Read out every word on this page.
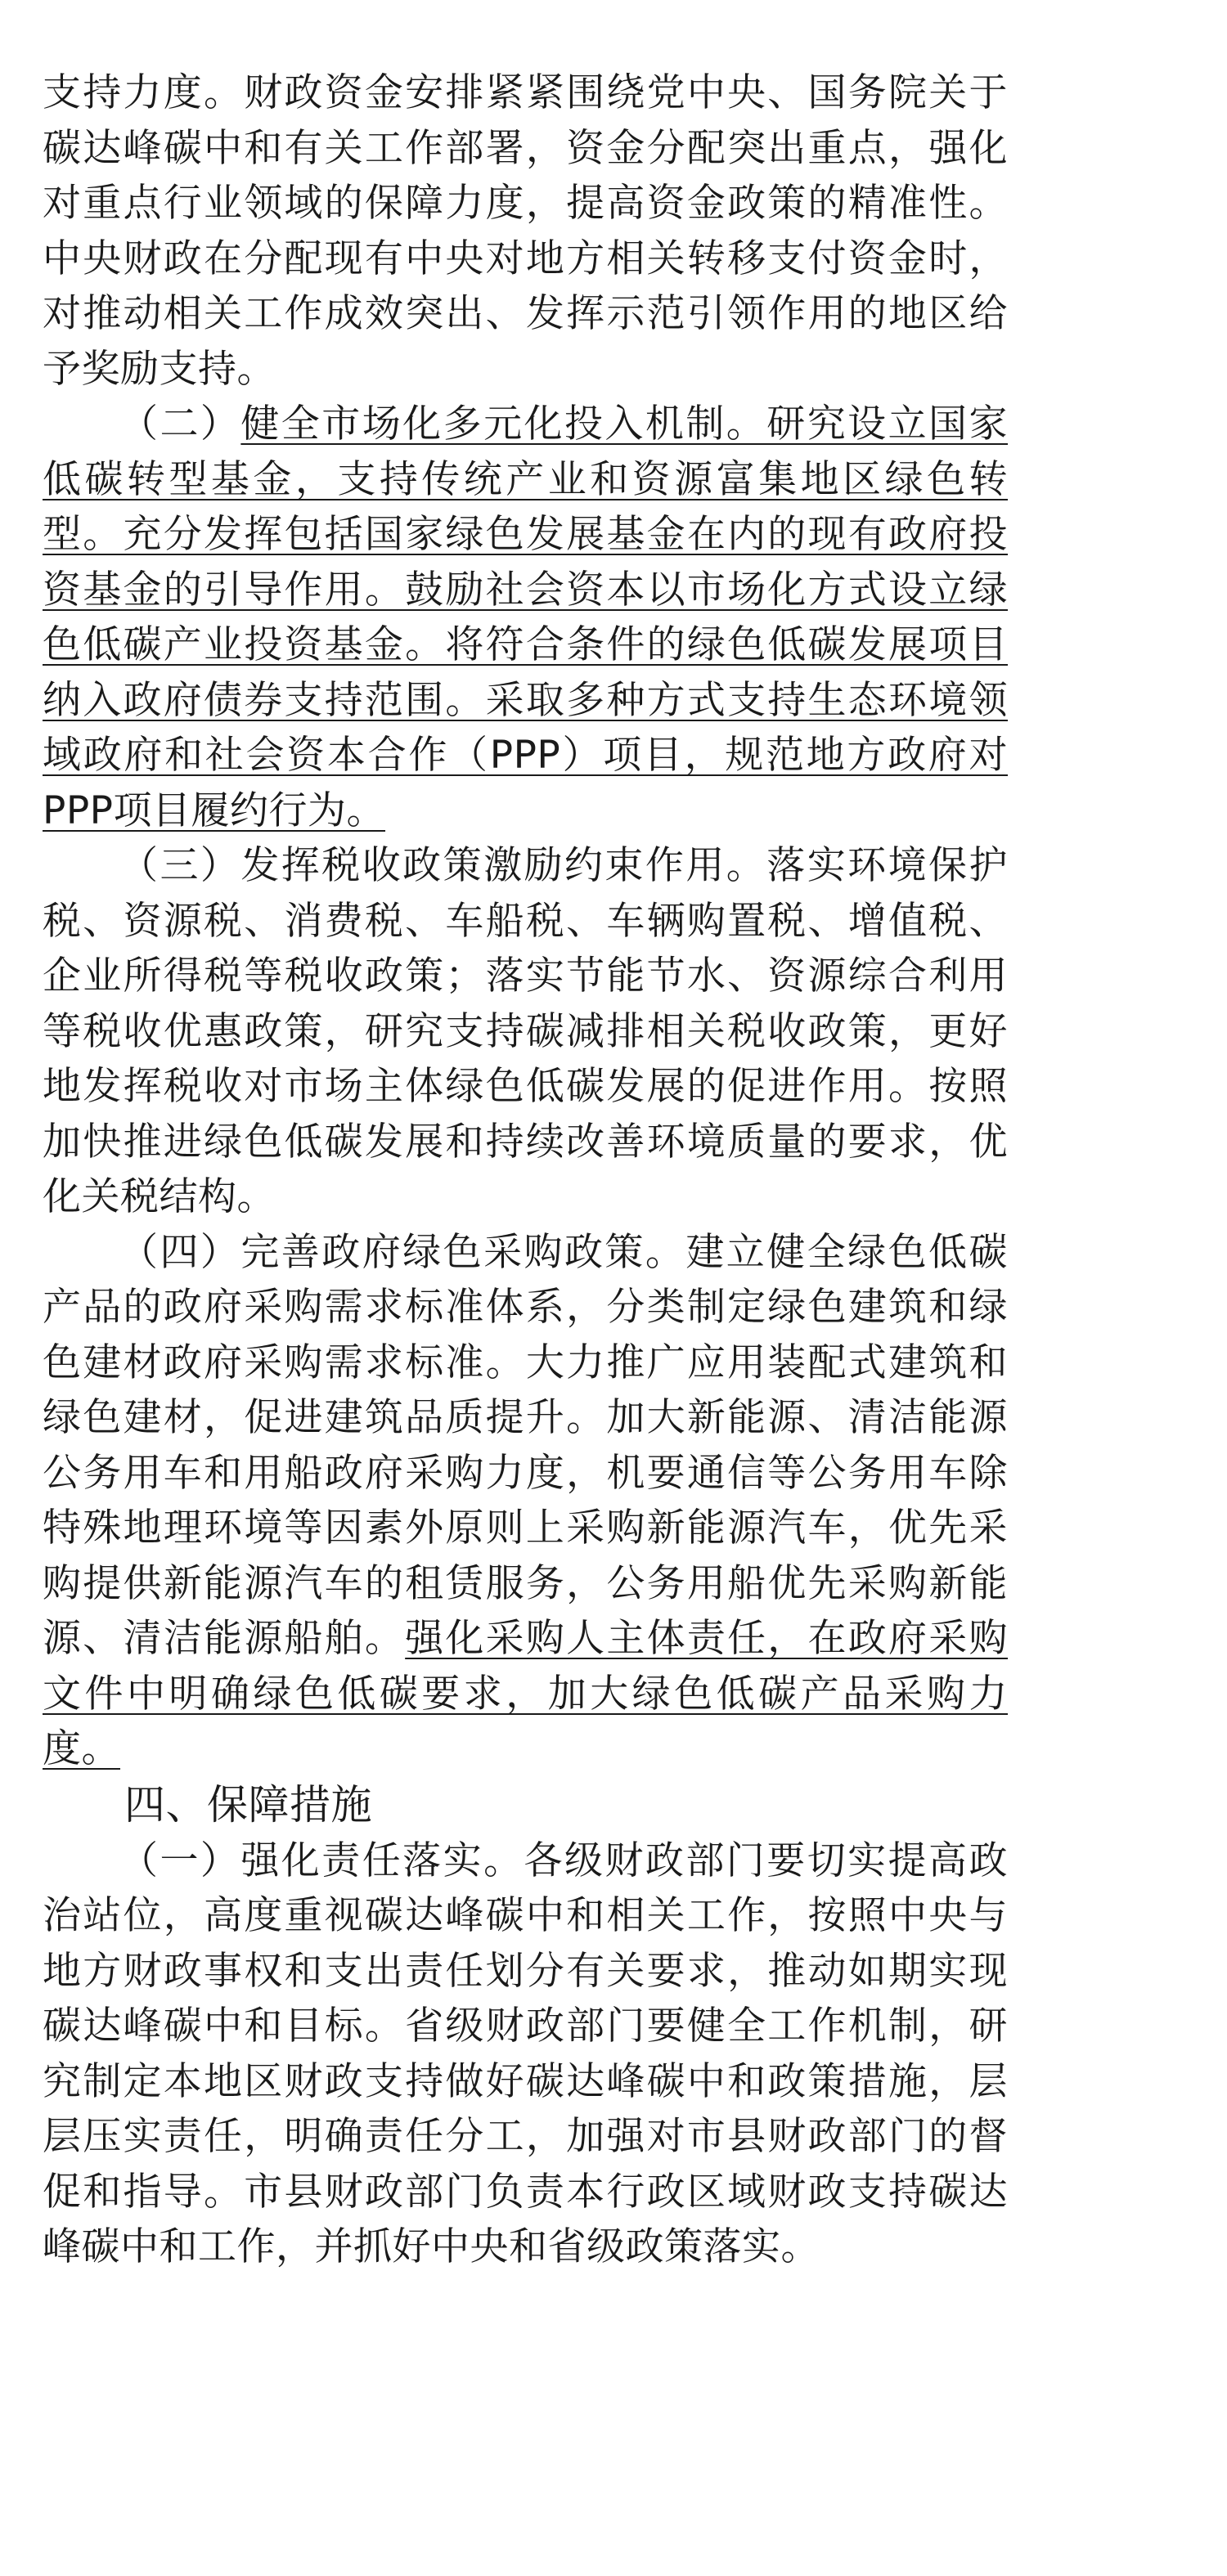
支持力度。财政资金安排紧紧围绕党中央、国务院关于碳达峰碳中和有关工作部署，资金分配突出重点，强化对重点行业领域的保障力度，提高资金政策的精准性。中央财政在分配现有中央对地方相关转移支付资金时，对推动相关工作成效突出、发挥示范引领作用的地区给予奖励支持。

（二）健全市场化多元化投入机制。研究设立国家低碳转型基金，支持传统产业和资源富集地区绿色转型。充分发挥包括国家绿色发展基金在内的现有政府投资基金的引导作用。鼓励社会资本以市场化方式设立绿色低碳产业投资基金。将符合条件的绿色低碳发展项目纳入政府债券支持范围。采取多种方式支持生态环境领域政府和社会资本合作（PPP）项目，规范地方政府对PPP项目履约行为。

（三）发挥税收政策激励约束作用。落实环境保护税、资源税、消费税、车船税、车辆购置税、增值税、企业所得税等税收政策；落实节能节水、资源综合利用等税收优惠政策，研究支持碳减排相关税收政策，更好地发挥税收对市场主体绿色低碳发展的促进作用。按照加快推进绿色低碳发展和持续改善环境质量的要求，优化关税结构。

（四）完善政府绿色采购政策。建立健全绿色低碳产品的政府采购需求标准体系，分类制定绿色建筑和绿色建材政府采购需求标准。大力推广应用装配式建筑和绿色建材，促进建筑品质提升。加大新能源、清洁能源公务用车和用船政府采购力度，机要通信等公务用车除特殊地理环境等因素外原则上采购新能源汽车，优先采购提供新能源汽车的租赁服务，公务用船优先采购新能源、清洁能源船舶。强化采购人主体责任，在政府采购文件中明确绿色低碳要求，加大绿色低碳产品采购力度。

四、保障措施

（一）强化责任落实。各级财政部门要切实提高政治站位，高度重视碳达峰碳中和相关工作，按照中央与地方财政事权和支出责任划分有关要求，推动如期实现碳达峰碳中和目标。省级财政部门要健全工作机制，研究制定本地区财政支持做好碳达峰碳中和政策措施，层层压实责任，明确责任分工，加强对市县财政部门的督促和指导。市县财政部门负责本行政区域财政支持碳达峰碳中和工作，并抓好中央和省级政策落实。
